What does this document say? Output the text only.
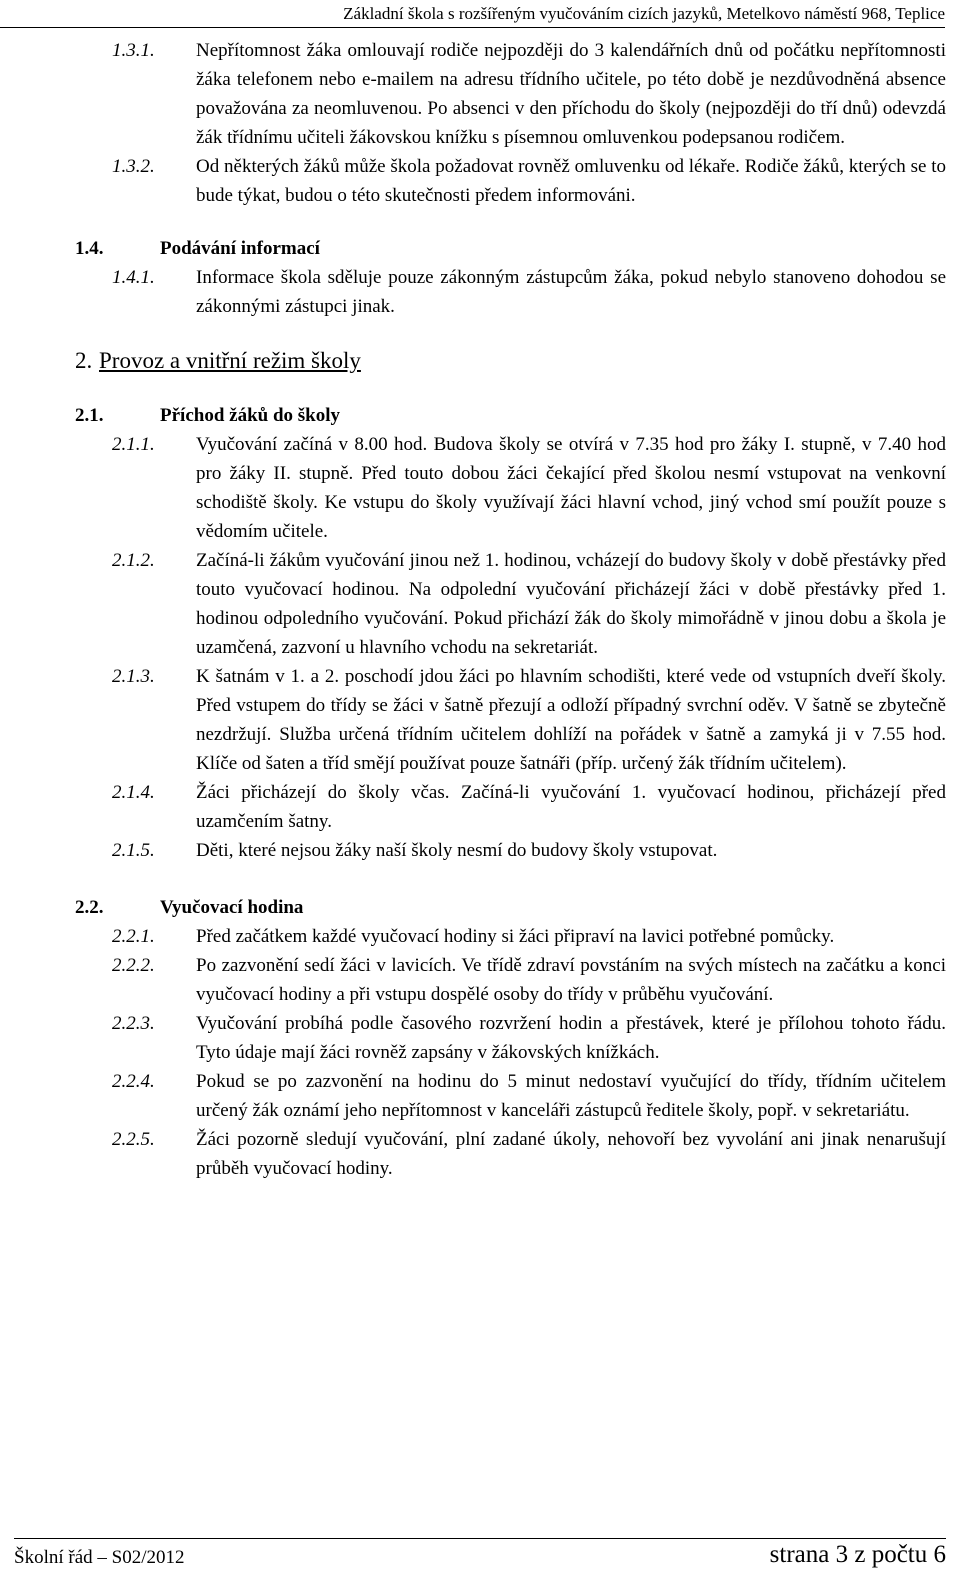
Základní škola s rozšířeným vyučováním cizích jazyků, Metelkovo náměstí 968, Teplice
1.3.1. Nepřítomnost žáka omlouvají rodiče nejpozději do 3 kalendářních dnů od počátku nepřítomnosti žáka telefonem nebo e-mailem na adresu třídního učitele, po této době je nezdůvodněná absence považována za neomluvenou. Po absenci v den příchodu do školy (nejpozději do tří dnů) odevzdá žák třídnímu učiteli žákovskou knížku s písemnou omluvenkou podepsanou rodičem.
1.3.2. Od některých žáků může škola požadovat rovněž omluvenku od lékaře. Rodiče žáků, kterých se to bude týkat, budou o této skutečnosti předem informováni.
1.4.	Podávání informací
1.4.1. Informace škola sděluje pouze zákonným zástupcům žáka, pokud nebylo stanoveno dohodou se zákonnými zástupci jinak.
2. Provoz a vnitřní režim školy
2.1.	Příchod žáků do školy
2.1.1. Vyučování začíná v 8.00 hod. Budova školy se otvírá v 7.35 hod pro žáky I. stupně, v 7.40 hod pro žáky II. stupně. Před touto dobou žáci čekající před školou nesmí vstupovat na venkovní schodiště školy. Ke vstupu do školy využívají žáci hlavní vchod, jiný vchod smí použít pouze s vědomím učitele.
2.1.2. Začíná-li žákům vyučování jinou než 1. hodinou, vcházejí do budovy školy v době přestávky před touto vyučovací hodinou. Na odpolední vyučování přicházejí žáci v době přestávky před 1. hodinou odpoledního vyučování. Pokud přichází žák do školy mimořádně v jinou dobu a škola je uzamčená, zazvoní u hlavního vchodu na sekretariát.
2.1.3. K šatnám v 1. a 2. poschodí jdou žáci po hlavním schodišti, které vede od vstupních dveří školy. Před vstupem do třídy se žáci v šatně přezují a odloží případný svrchní oděv. V šatně se zbytečně nezdržují. Služba určená třídním učitelem dohlíží na pořádek v šatně a zamyká ji v 7.55 hod. Klíče od šaten a tříd smějí používat pouze šatnáři (příp. určený žák třídním učitelem).
2.1.4. Žáci přicházejí do školy včas. Začíná-li vyučování 1. vyučovací hodinou, přicházejí před uzamčením šatny.
2.1.5. Děti, které nejsou žáky naší školy nesmí do budovy školy vstupovat.
2.2.	Vyučovací hodina
2.2.1. Před začátkem každé vyučovací hodiny si žáci připraví na lavici potřebné pomůcky.
2.2.2. Po zazvonění sedí žáci v lavicích. Ve třídě zdraví povstáním na svých místech na začátku a konci vyučovací hodiny a při vstupu dospělé osoby do třídy v průběhu vyučování.
2.2.3. Vyučování probíhá podle časového rozvržení hodin a přestávek, které je přílohou tohoto řádu. Tyto údaje mají žáci rovněž zapsány v žákovských knížkách.
2.2.4. Pokud se po zazvonění na hodinu do 5 minut nedostaví vyučující do třídy, třídním učitelem určený žák oznámí jeho nepřítomnost v kanceláři zástupců ředitele školy, popř. v sekretariátu.
2.2.5. Žáci pozorně sledují vyučování, plní zadané úkoly, nehovoří bez vyvolání ani jinak nenarušují průběh vyučovací hodiny.
Školní řád – S02/2012	strana 3 z počtu 6
